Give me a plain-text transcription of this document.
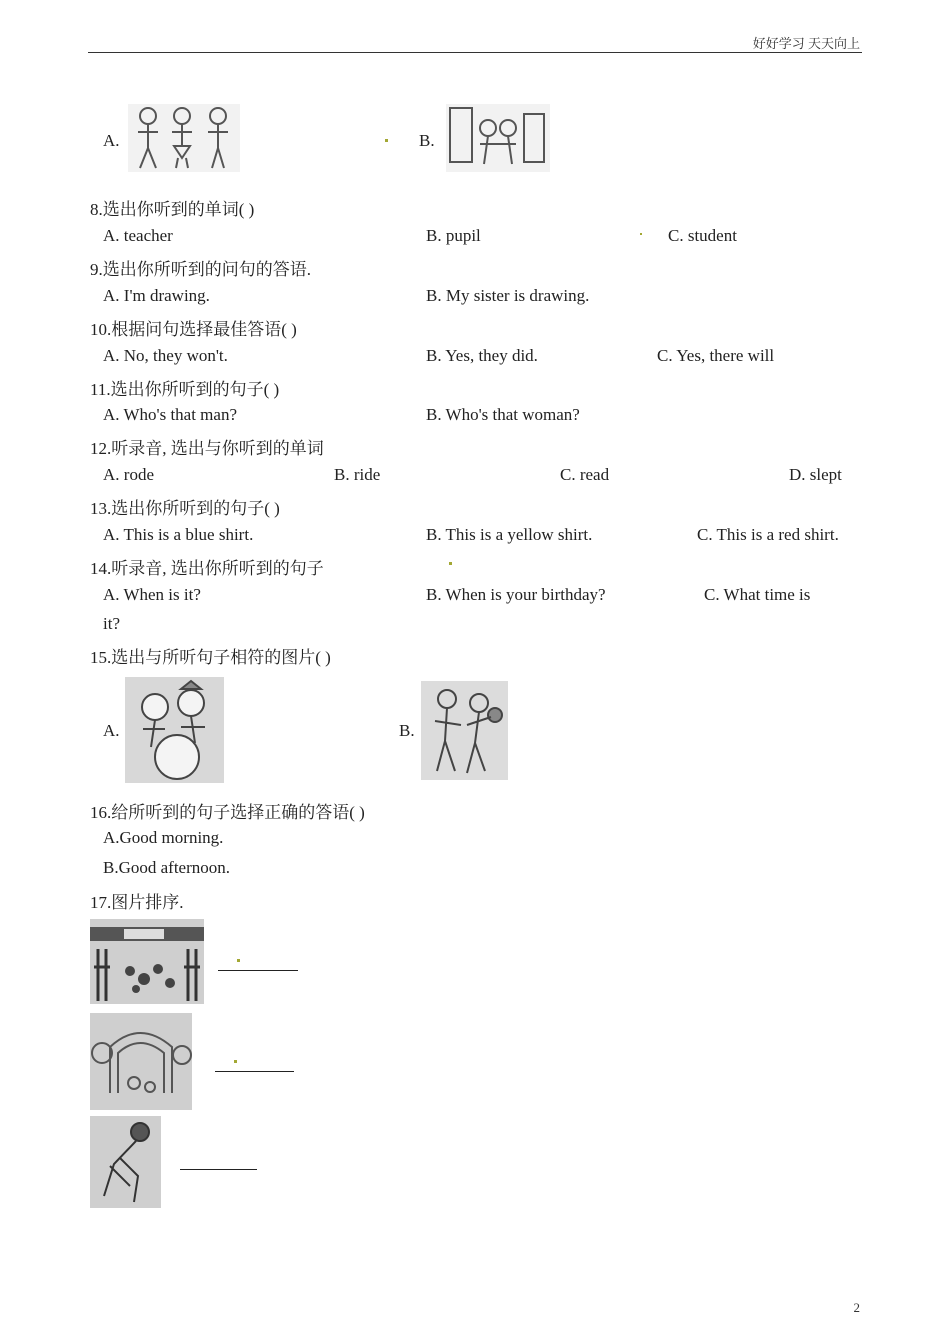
好好学习 天天向上
A.	B.
8.选出你听到的单词( )
A. teacher	B. pupil	C. student
9.选出你所听到的问句的答语.
A. I'm drawing.	B. My sister is drawing.
10.根据问句选择最佳答语( )
A. No, they won't.	B. Yes, they did.	C. Yes, there will
11.选出你所听到的句子( )
A. Who's that man?	B. Who's that woman?
12.听录音, 选出与你听到的单词
A. rode	B. ride	C. read	D. slept
13.选出你所听到的句子( )
A. This is a blue shirt.	B. This is a yellow shirt.	C. This is a red shirt.
14.听录音, 选出你所听到的句子
A. When is it?	B. When is your birthday?	C. What time is
it?
15.选出与所听句子相符的图片( )
A.	B.
16.给所听到的句子选择正确的答语( )
A.Good morning.
B.Good afternoon.
17.图片排序.
2
